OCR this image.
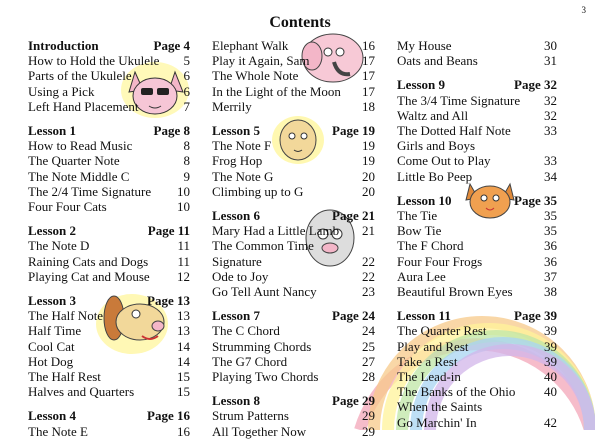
3
Contents
Introduction	Page 4
How to Hold the Ukulele 5
Parts of the Ukulele	6
Using a Pick	6
Left Hand Placement	7
Lesson 1	Page 8
How to Read Music	8
The Quarter Note	8
The Note Middle C	9
The 2/4 Time Signature 10
Four Four Cats	10
Lesson 2	Page 11
The Note D	11
Raining Cats and Dogs 11
Playing Cat and Mouse 12
Lesson 3	Page 13
The Half Note	13
Half Time	13
Cool Cat	14
Hot Dog	14
The Half Rest	15
Halves and Quarters	15
Lesson 4	Page 16
The Note E	16
Elephant Walk	16
Play it Again, Sam	17
The Whole Note	17
In the Light of the Moon 17
Merrily	18
Lesson 5	Page 19
The Note F	19
Frog Hop	19
The Note G	20
Climbing up to G	20
Lesson 6	Page 21
Mary Had a Little Lamb 21
The Common Time
Signature	22
Ode to Joy	22
Go Tell Aunt Nancy	23
Lesson 7	Page 24
The C Chord	24
Strumming Chords	25
The G7 Chord	27
Playing Two Chords	28
Lesson 8	Page 29
Strum Patterns	29
All Together Now	29
My House	30
Oats and Beans	31
Lesson 9	Page 32
The 3/4 Time Signature 32
Waltz and All	32
The Dotted Half Note	33
Girls and Boys
Come Out to Play	33
Little Bo Peep	34
Lesson 10	Page 35
The Tie	35
Bow Tie	35
The F Chord	36
Four Four Frogs	36
Aura Lee	37
Beautiful Brown Eyes 38
Lesson 11	Page 39
The Quarter Rest	39
Play and Rest	39
Take a Rest	39
The Lead-in	40
The Banks of the Ohio 40
When the Saints
Go Marchin' In	42
